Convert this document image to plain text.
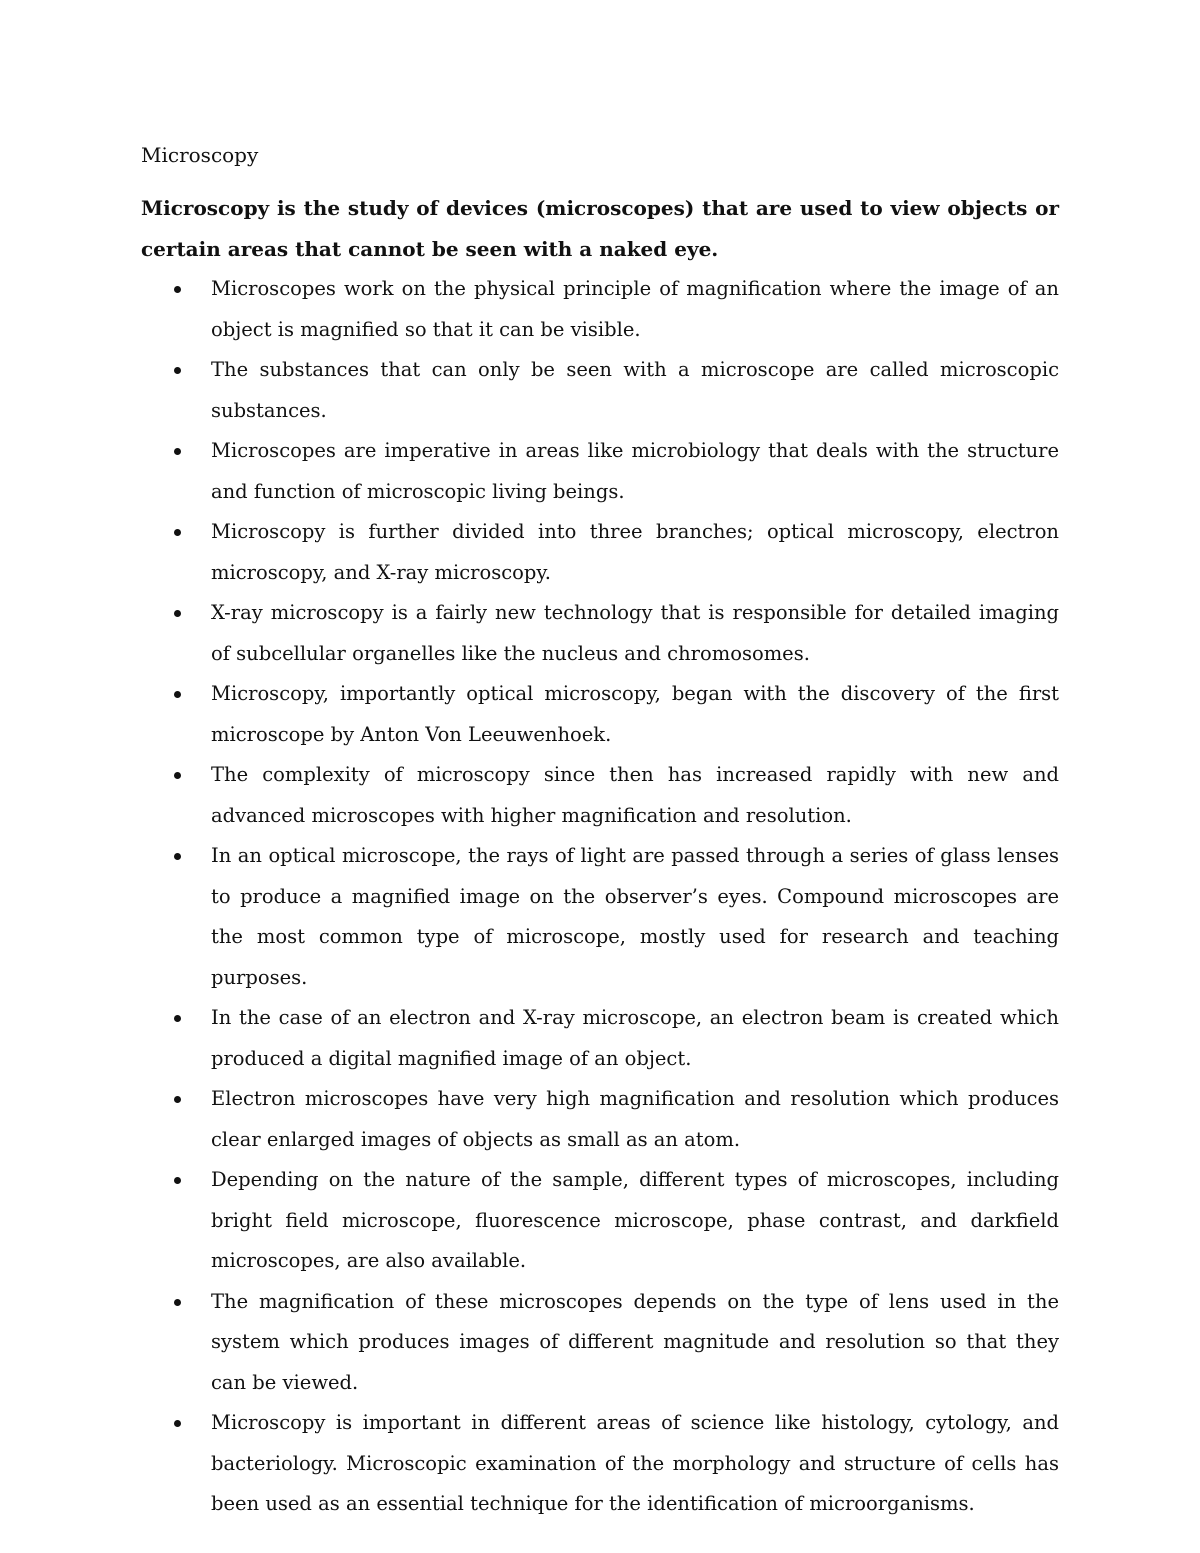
Microscopy

Microscopy is the study of devices (microscopes) that are used to view objects or certain areas that cannot be seen with a naked eye.

Microscopes work on the physical principle of magnification where the image of an object is magnified so that it can be visible.
The substances that can only be seen with a microscope are called microscopic substances.
Microscopes are imperative in areas like microbiology that deals with the structure and function of microscopic living beings.
Microscopy is further divided into three branches; optical microscopy, electron microscopy, and X-ray microscopy.
X-ray microscopy is a fairly new technology that is responsible for detailed imaging of subcellular organelles like the nucleus and chromosomes.
Microscopy, importantly optical microscopy, began with the discovery of the first microscope by Anton Von Leeuwenhoek.
The complexity of microscopy since then has increased rapidly with new and advanced microscopes with higher magnification and resolution.
In an optical microscope, the rays of light are passed through a series of glass lenses to produce a magnified image on the observer’s eyes. Compound microscopes are the most common type of microscope, mostly used for research and teaching purposes.
In the case of an electron and X-ray microscope, an electron beam is created which produced a digital magnified image of an object.
Electron microscopes have very high magnification and resolution which produces clear enlarged images of objects as small as an atom.
Depending on the nature of the sample, different types of microscopes, including bright field microscope, fluorescence microscope, phase contrast, and darkfield microscopes, are also available.
The magnification of these microscopes depends on the type of lens used in the system which produces images of different magnitude and resolution so that they can be viewed.
Microscopy is important in different areas of science like histology, cytology, and bacteriology. Microscopic examination of the morphology and structure of cells has been used as an essential technique for the identification of microorganisms.
